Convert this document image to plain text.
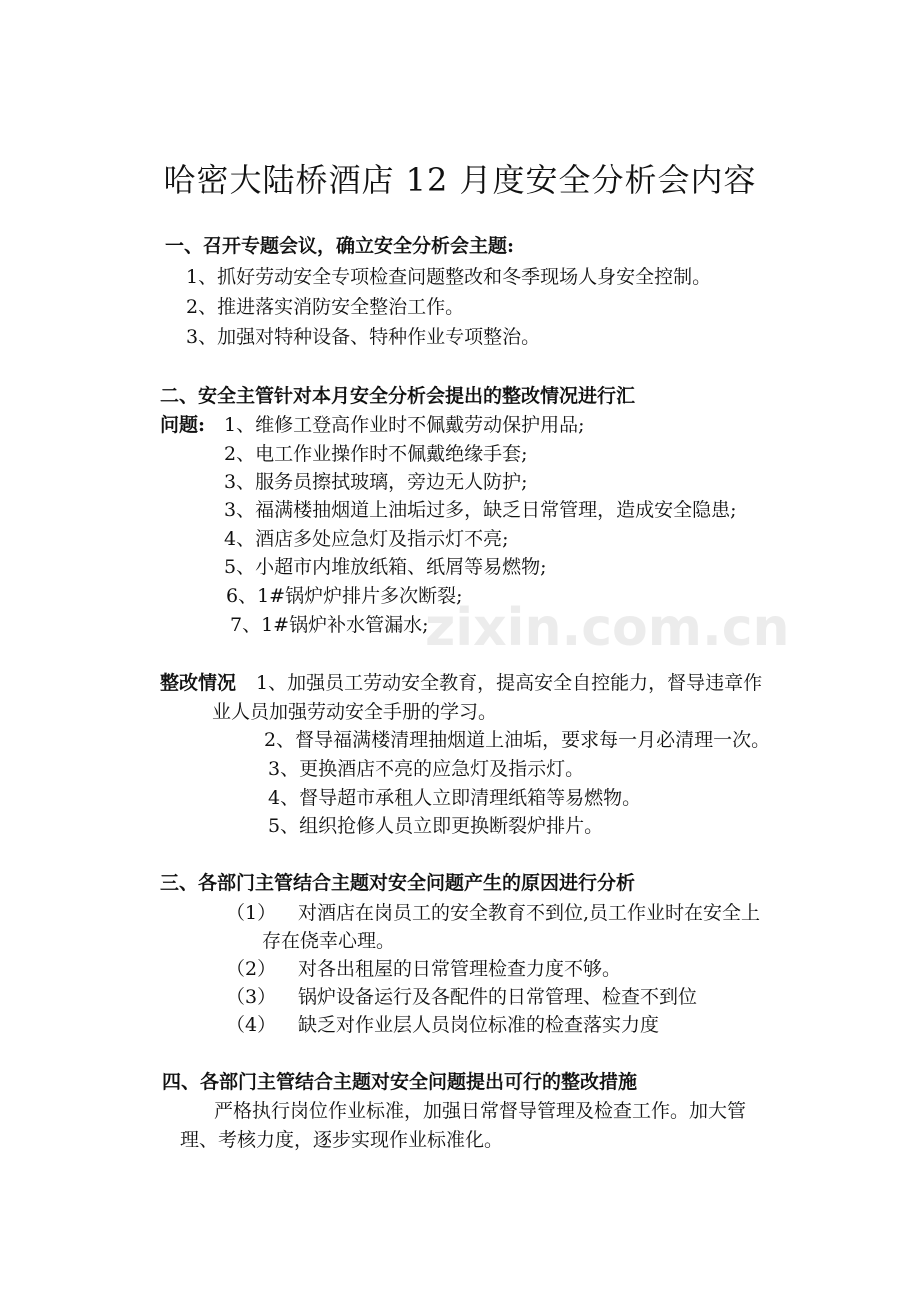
哈密大陆桥酒店 12 月度安全分析会内容
一、召开专题会议，确立安全分析会主题:
1、抓好劳动安全专项检查问题整改和冬季现场人身安全控制。
2、推进落实消防安全整治工作。
3、加强对特种设备、特种作业专项整治。
二、安全主管针对本月安全分析会提出的整改情况进行汇
问题: 1、维修工登高作业时不佩戴劳动保护用品;
2、电工作业操作时不佩戴绝缘手套;
3、服务员擦拭玻璃，旁边无人防护;
3、福满楼抽烟道上油垢过多，缺乏日常管理，造成安全隐患;
4、酒店多处应急灯及指示灯不亮;
5、小超市内堆放纸箱、纸屑等易燃物;
6、1#锅炉炉排片多次断裂;
7、1#锅炉补水管漏水;
zixin.com.cn
整改情况 1、加强员工劳动安全教育，提高安全自控能力，督导违章作
业人员加强劳动安全手册的学习。
2、督导福满楼清理抽烟道上油垢，要求每一月必清理一次。
3、更换酒店不亮的应急灯及指示灯。
4、督导超市承租人立即清理纸箱等易燃物。
5、组织抢修人员立即更换断裂炉排片。
三、各部门主管结合主题对安全问题产生的原因进行分析
（1） 对酒店在岗员工的安全教育不到位,员工作业时在安全上
存在侥幸心理。
（2） 对各出租屋的日常管理检查力度不够。
（3） 锅炉设备运行及各配件的日常管理、检查不到位
（4） 缺乏对作业层人员岗位标准的检查落实力度
四、各部门主管结合主题对安全问题提出可行的整改措施
严格执行岗位作业标准，加强日常督导管理及检查工作。加大管
理、考核力度，逐步实现作业标准化。
